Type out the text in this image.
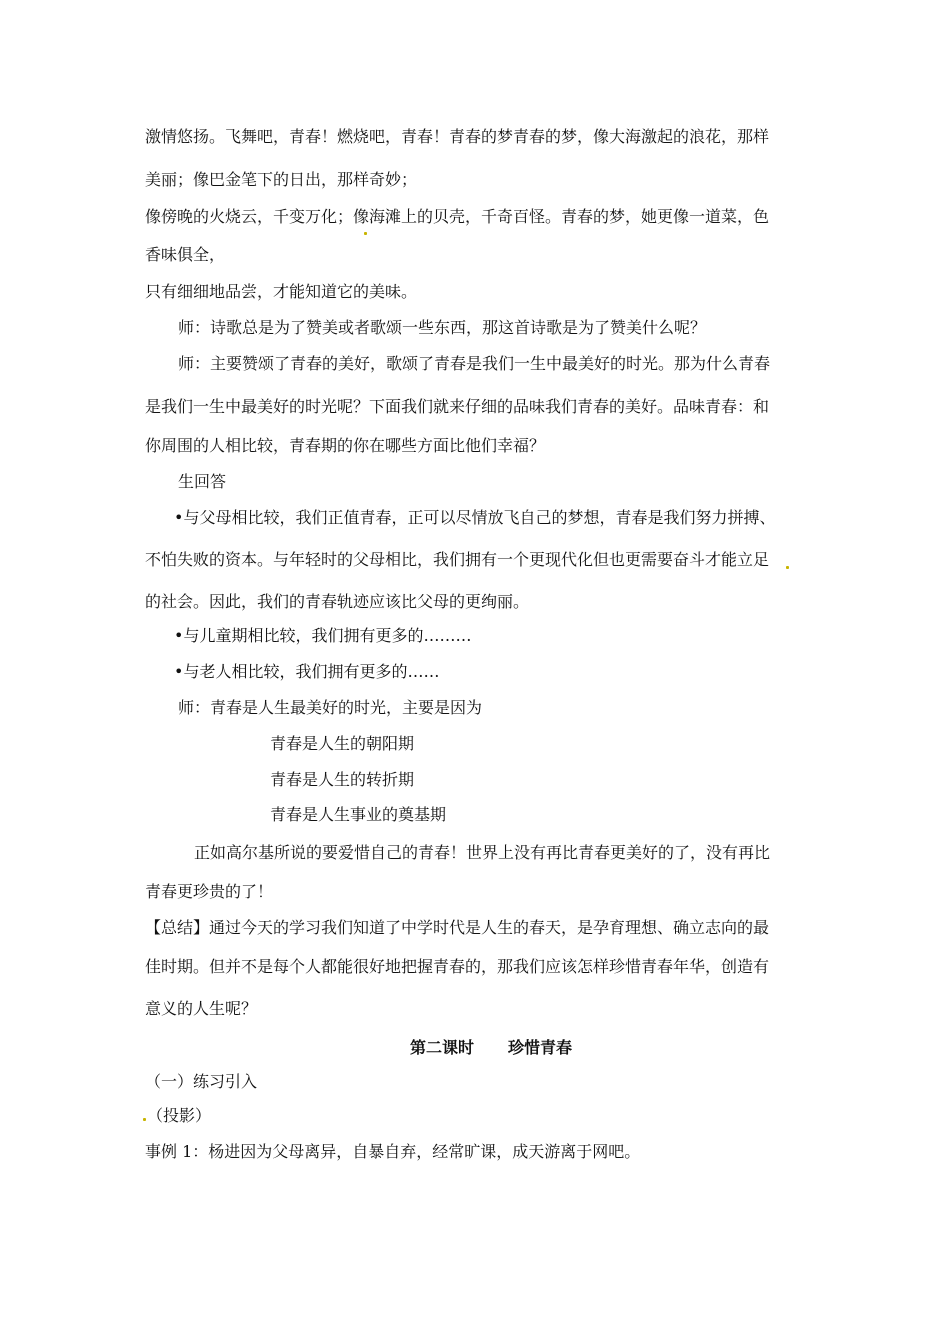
激情悠扬。飞舞吧，青春！燃烧吧，青春！青春的梦青春的梦，像大海激起的浪花，那样
美丽；像巴金笔下的日出，那样奇妙；
像傍晚的火烧云，千变万化；像海滩上的贝壳，千奇百怪。青春的梦，她更像一道菜，色
香味俱全，
只有细细地品尝，才能知道它的美味。
师：诗歌总是为了赞美或者歌颂一些东西，那这首诗歌是为了赞美什么呢？
师：主要赞颂了青春的美好，歌颂了青春是我们一生中最美好的时光。那为什么青春
是我们一生中最美好的时光呢？下面我们就来仔细的品味我们青春的美好。品味青春：和
你周围的人相比较，青春期的你在哪些方面比他们幸福？
生回答
•与父母相比较，我们正值青春，正可以尽情放飞自己的梦想，青春是我们努力拼搏、
不怕失败的资本。与年轻时的父母相比，我们拥有一个更现代化但也更需要奋斗才能立足
的社会。因此，我们的青春轨迹应该比父母的更绚丽。
•与儿童期相比较，我们拥有更多的………
•与老人相比较，我们拥有更多的……
师：青春是人生最美好的时光，主要是因为
青春是人生的朝阳期
青春是人生的转折期
青春是人生事业的奠基期
正如高尔基所说的要爱惜自己的青春！世界上没有再比青春更美好的了，没有再比
青春更珍贵的了！
【总结】通过今天的学习我们知道了中学时代是人生的春天，是孕育理想、确立志向的最
佳时期。但并不是每个人都能很好地把握青春的，那我们应该怎样珍惜青春年华，创造有
意义的人生呢？
第二课时 珍惜青春
（一）练习引入
（投影）
事例 1：杨进因为父母离异，自暴自弃，经常旷课，成天游离于网吧。
